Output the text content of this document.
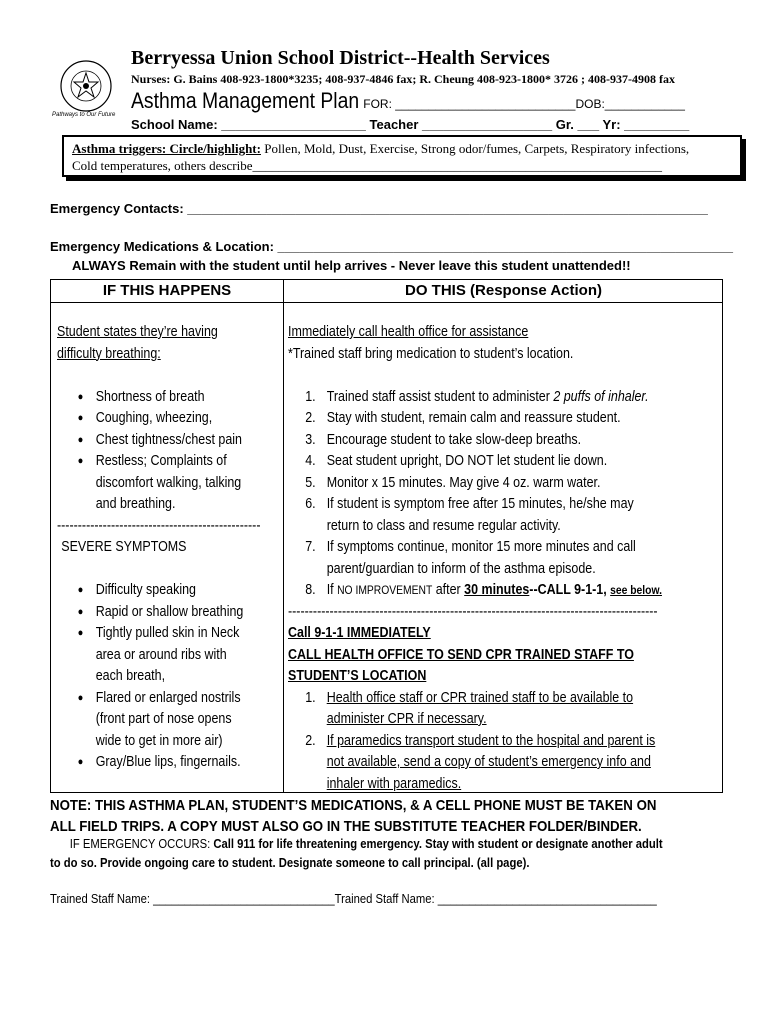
Pathways to Our Future
Berryessa Union School District--Health Services
Nurses: G. Bains 408-923-1800*3235; 408-937-4846 fax; R. Cheung 408-923-1800* 3726 ; 408-937-4908 fax
Asthma Management Plan FOR: ___________________________ DOB:____________
School Name: ____________________ Teacher __________________ Gr. ___ Yr: _________
Asthma triggers: Circle/highlight: Pollen, Mold, Dust, Exercise, Strong odor/fumes, Carpets, Respiratory infections,
Cold temperatures, others describe_______________________________________________________________
Emergency Contacts: ________________________________________________________________________
Emergency Medications & Location: _______________________________________________________________
ALWAYS Remain with the student until help arrives - Never leave this student unattended!!
IF THIS HAPPENS	DO THIS (Response Action)
Student states they’re having
difficulty breathing:
● Shortness of breath
● Coughing, wheezing,
● Chest tightness/chest pain
● Restless; Complaints of
discomfort walking, talking
and breathing.
-------------------------------------------------
SEVERE SYMPTOMS
● Difficulty speaking
● Rapid or shallow breathing
● Tightly pulled skin in Neck
area or around ribs with
each breath,
● Flared or enlarged nostrils
(front part of nose opens
wide to get in more air)
● Gray/Blue lips, fingernails.
Immediately call health office for assistance
*Trained staff bring medication to student’s location.
1. Trained staff assist student to administer 2 puffs of inhaler.
2. Stay with student, remain calm and reassure student.
3. Encourage student to take slow-deep breaths.
4. Seat student upright, DO NOT let student lie down.
5. Monitor x 15 minutes. May give 4 oz. warm water.
6. If student is symptom free after 15 minutes, he/she may
return to class and resume regular activity.
7. If symptoms continue, monitor 15 more minutes and call
parent/guardian to inform of the asthma episode.
8. If NO IMPROVEMENT after 30 minutes--CALL 9-1-1, see below.
-----------------------------------------------------------------------------------------
Call 9-1-1 IMMEDIATELY
CALL HEALTH OFFICE TO SEND CPR TRAINED STAFF TO
STUDENT’S LOCATION
1. Health office staff or CPR trained staff to be available to
administer CPR if necessary.
2. If paramedics transport student to the hospital and parent is
not available, send a copy of student’s emergency info and
inhaler with paramedics.
NOTE: THIS ASTHMA PLAN, STUDENT’S MEDICATIONS, & A CELL PHONE MUST BE TAKEN ON
ALL FIELD TRIPS. A COPY MUST ALSO GO IN THE SUBSTITUTE TEACHER FOLDER/BINDER.
IF EMERGENCY OCCURS: Call 911 for life threatening emergency. Stay with student or designate another adult
to do so. Provide ongoing care to student. Designate someone to call principal. (all page).
Trained Staff Name: _____________________________Trained Staff Name: ___________________________________
